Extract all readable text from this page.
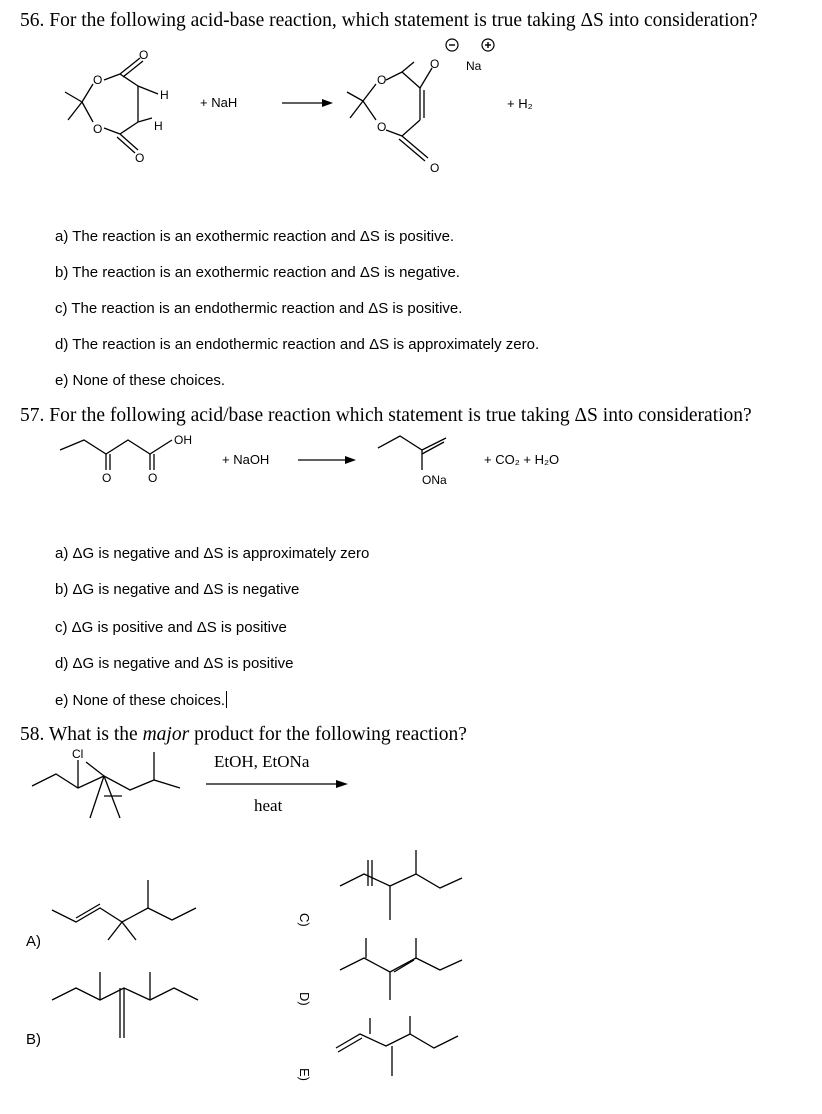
56. For the following acid-base reaction, which statement is true taking ΔS into consideration?
O
O
O
O
H
H
O
O
O
O Na
+ NaH	+ H₂
a) The reaction is an exothermic reaction and ΔS is positive.
b) The reaction is an exothermic reaction and ΔS is negative.
c) The reaction is an endothermic reaction and ΔS is positive.
d) The reaction is an endothermic reaction and ΔS is approximately zero.
e) None of these choices.
57. For the following acid/base reaction which statement is true taking ΔS into consideration?
O	O
OH
ONa
+ NaOH	+ CO₂ + H₂O
a) ΔG is negative and ΔS is approximately zero
b) ΔG is negative and ΔS is negative
c) ΔG is positive and ΔS is positive
d) ΔG is negative and ΔS is positive
e) None of these choices.
58. What is the major product for the following reaction?
Cl	EtOH, EtONa
heat
A)
B)
C)
D)
E)
